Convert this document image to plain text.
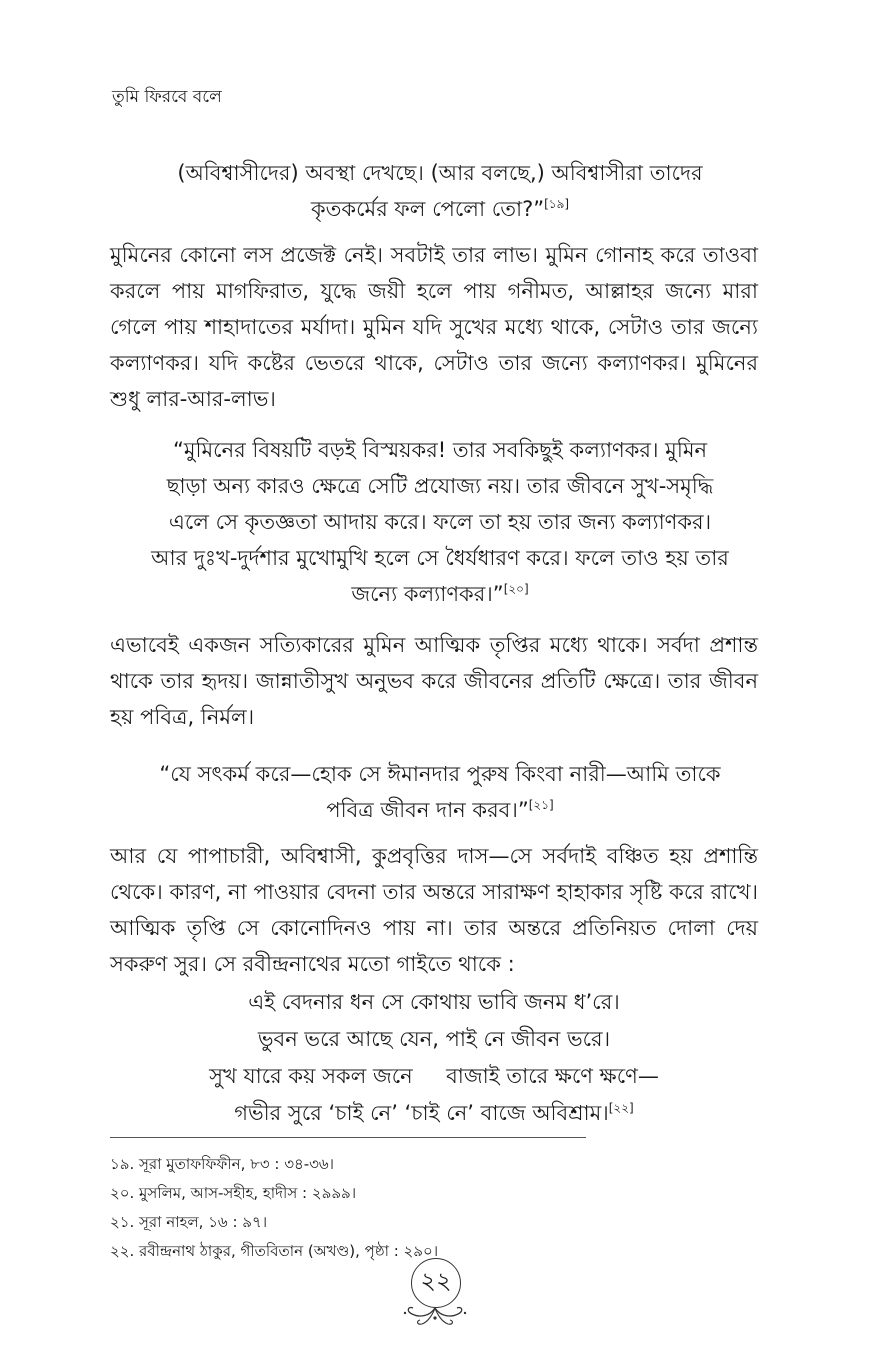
তুমি ফিরবে বলে
(অবিশ্বাসীদের) অবস্থা দেখছে। (আর বলছে,) অবিশ্বাসীরা তাদের কৃতকর্মের ফল পেলো তো?”[১৯]
মুমিনের কোনো লস প্রজেক্ট নেই। সবটাই তার লাভ। মুমিন গোনাহ করে তাওবা করলে পায় মাগফিরাত, যুদ্ধে জয়ী হলে পায় গনীমত, আল্লাহর জন্যে মারা গেলে পায় শাহাদাতের মর্যাদা। মুমিন যদি সুখের মধ্যে থাকে, সেটাও তার জন্যে কল্যাণকর। যদি কষ্টের ভেতরে থাকে, সেটাও তার জন্যে কল্যাণকর। মুমিনের শুধু লার-আর-লাভ।
“মুমিনের বিষয়টি বড়ই বিস্ময়কর! তার সবকিছুই কল্যাণকর। মুমিন ছাড়া অন্য কারও ক্ষেত্রে সেটি প্রযোজ্য নয়। তার জীবনে সুখ-সমৃদ্ধি এলে সে কৃতজ্ঞতা আদায় করে। ফলে তা হয় তার জন্য কল্যাণকর। আর দুঃখ-দুর্দশার মুখোমুখি হলে সে ধৈর্যধারণ করে। ফলে তাও হয় তার জন্যে কল্যাণকর।”[২০]
এভাবেই একজন সত্যিকারের মুমিন আত্মিক তৃপ্তির মধ্যে থাকে। সর্বদা প্রশান্ত থাকে তার হৃদয়। জান্নাতীসুখ অনুভব করে জীবনের প্রতিটি ক্ষেত্রে। তার জীবন হয় পবিত্র, নির্মল।
“যে সৎকর্ম করে—হোক সে ঈমানদার পুরুষ কিংবা নারী—আমি তাকে পবিত্র জীবন দান করব।”[২১]
আর যে পাপাচারী, অবিশ্বাসী, কুপ্রবৃত্তির দাস—সে সর্বদাই বঞ্চিত হয় প্রশান্তি থেকে। কারণ, না পাওয়ার বেদনা তার অন্তরে সারাক্ষণ হাহাকার সৃষ্টি করে রাখে। আত্মিক তৃপ্তি সে কোনোদিনও পায় না। তার অন্তরে প্রতিনিয়ত দোলা দেয় সকরুণ সুর। সে রবীন্দ্রনাথের মতো গাইতে থাকে :
এই বেদনার ধন সে কোথায় ভাবি জনম ধ’রে।
ভুবন ভরে আছে যেন, পাই নে জীবন ভরে।
সুখ যারে কয় সকল জনে     বাজাই তারে ক্ষণে ক্ষণে—
গভীর সুরে ‘চাই নে’ ‘চাই নে’ বাজে অবিশ্রাম।[২২]
১৯. সূরা মুতাফফিফীন, ৮৩ : ৩৪-৩৬।
২০. মুসলিম, আস-সহীহ, হাদীস : ২৯৯৯।
২১. সূরা নাহল, ১৬ : ৯৭।
২২. রবীন্দ্রনাথ ঠাকুর, গীতবিতান (অখণ্ড), পৃষ্ঠা : ২৯০।
২২
